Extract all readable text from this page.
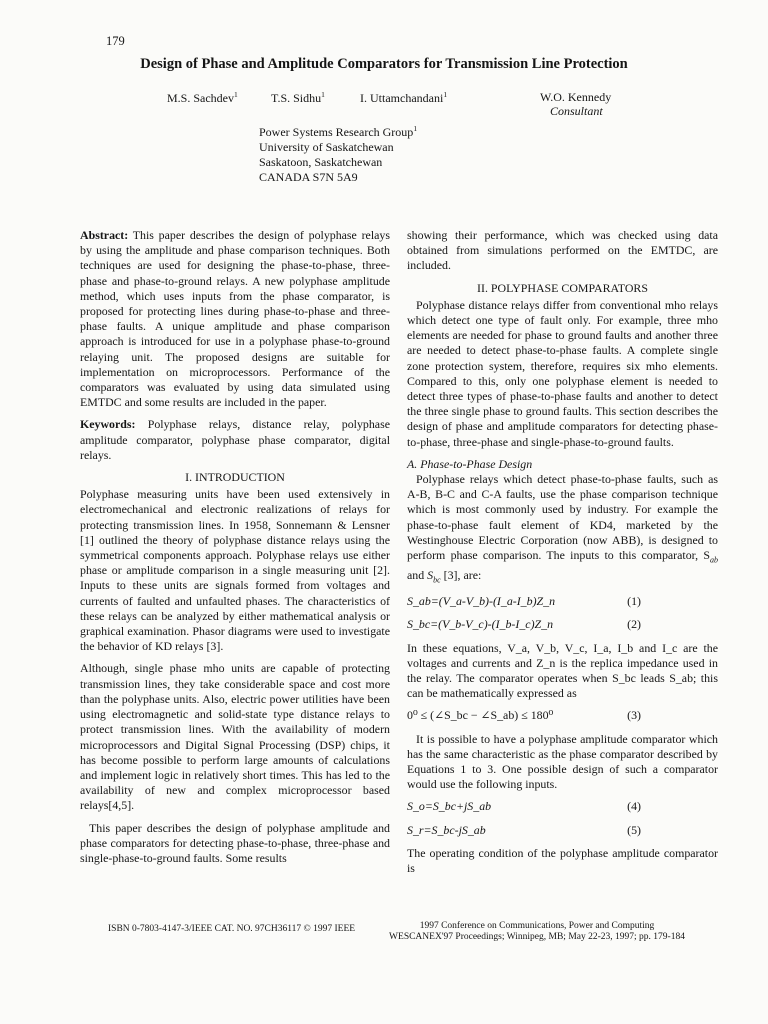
179
Design of Phase and Amplitude Comparators for Transmission Line Protection
M.S. Sachdev$^1$	T.S. Sidhu$^1$	I. Uttamchandani$^1$	W.O. Kennedy
Consultant
Power Systems Research Group$^1$
University of Saskatchewan
Saskatoon, Saskatchewan
CANADA S7N 5A9

Abstract: This paper describes the design of polyphase relays by using the amplitude and phase comparison techniques. Both techniques are used for designing the phase-to-phase, three-phase and phase-to-ground relays. A new polyphase amplitude method, which uses inputs from the phase comparator, is proposed for protecting lines during phase-to-phase and three-phase faults. A unique amplitude and phase comparison approach is introduced for use in a polyphase phase-to-ground relaying unit. The proposed designs are suitable for implementation on microprocessors. Performance of the comparators was evaluated by using data simulated using EMTDC and some results are included in the paper.

Keywords: Polyphase relays, distance relay, polyphase amplitude comparator, polyphase phase comparator, digital relays.

I. INTRODUCTION

Polyphase measuring units have been used extensively in electromechanical and electronic realizations of relays for protecting transmission lines. In 1958, Sonnemann & Lensner [1] outlined the theory of polyphase distance relays using the symmetrical components approach. Polyphase relays use either phase or amplitude comparison in a single measuring unit [2]. Inputs to these units are signals formed from voltages and currents of faulted and unfaulted phases. The characteristics of these relays can be analyzed by either mathematical analysis or graphical examination. Phasor diagrams were used to investigate the behavior of KD relays [3].

Although, single phase mho units are capable of protecting transmission lines, they take considerable space and cost more than the polyphase units. Also, electric power utilities have been using electromagnetic and solid-state type distance relays to protect transmission lines. With the availability of modern microprocessors and Digital Signal Processing (DSP) chips, it has become possible to perform large amounts of calculations and implement logic in relatively short times. This has led to the availability of new and complex microprocessor based relays[4,5].

This paper describes the design of polyphase amplitude and phase comparators for detecting phase-to-phase, three-phase and single-phase-to-ground faults. Some results

showing their performance, which was checked using data obtained from simulations performed on the EMTDC, are included.

II. POLYPHASE COMPARATORS

Polyphase distance relays differ from conventional mho relays which detect one type of fault only. For example, three mho elements are needed for phase to ground faults and another three are needed to detect phase-to-phase faults. A complete single zone protection system, therefore, requires six mho elements. Compared to this, only one polyphase element is needed to detect three types of phase-to-phase faults and another to detect the three single phase to ground faults. This section describes the design of phase and amplitude comparators for detecting phase-to-phase, three-phase and single-phase-to-ground faults.

A. Phase-to-Phase Design

Polyphase relays which detect phase-to-phase faults, such as A-B, B-C and C-A faults, use the phase comparison technique which is most commonly used by industry. For example the phase-to-phase fault element of KD4, marketed by the Westinghouse Electric Corporation (now ABB), is designed to perform phase comparison. The inputs to this comparator, $S_{ab}$ and $S_{bc}$ [3], are:

S_ab=(V_a-V_b)-(I_a-I_b)Z_n	(1)
S_bc=(V_b-V_c)-(I_b-I_c)Z_n	(2)

In these equations, V_a, V_b, V_c, I_a, I_b and I_c are the voltages and currents and Z_n is the replica impedance used in the relay. The comparator operates when S_bc leads S_ab; this can be mathematically expressed as

0⁰ ≤ (∠S_bc − ∠S_ab) ≤ 180⁰	(3)

It is possible to have a polyphase amplitude comparator which has the same characteristic as the phase comparator described by Equations 1 to 3. One possible design of such a comparator would use the following inputs.

S_o=S_bc+jS_ab	(4)
S_r=S_bc-jS_ab	(5)

The operating condition of the polyphase amplitude comparator is

ISBN 0-7803-4147-3/IEEE CAT. NO. 97CH36117 © 1997 IEEE	1997 Conference on Communications, Power and Computing
WESCANEX'97 Proceedings; Winnipeg, MB; May 22-23, 1997; pp. 179-184
